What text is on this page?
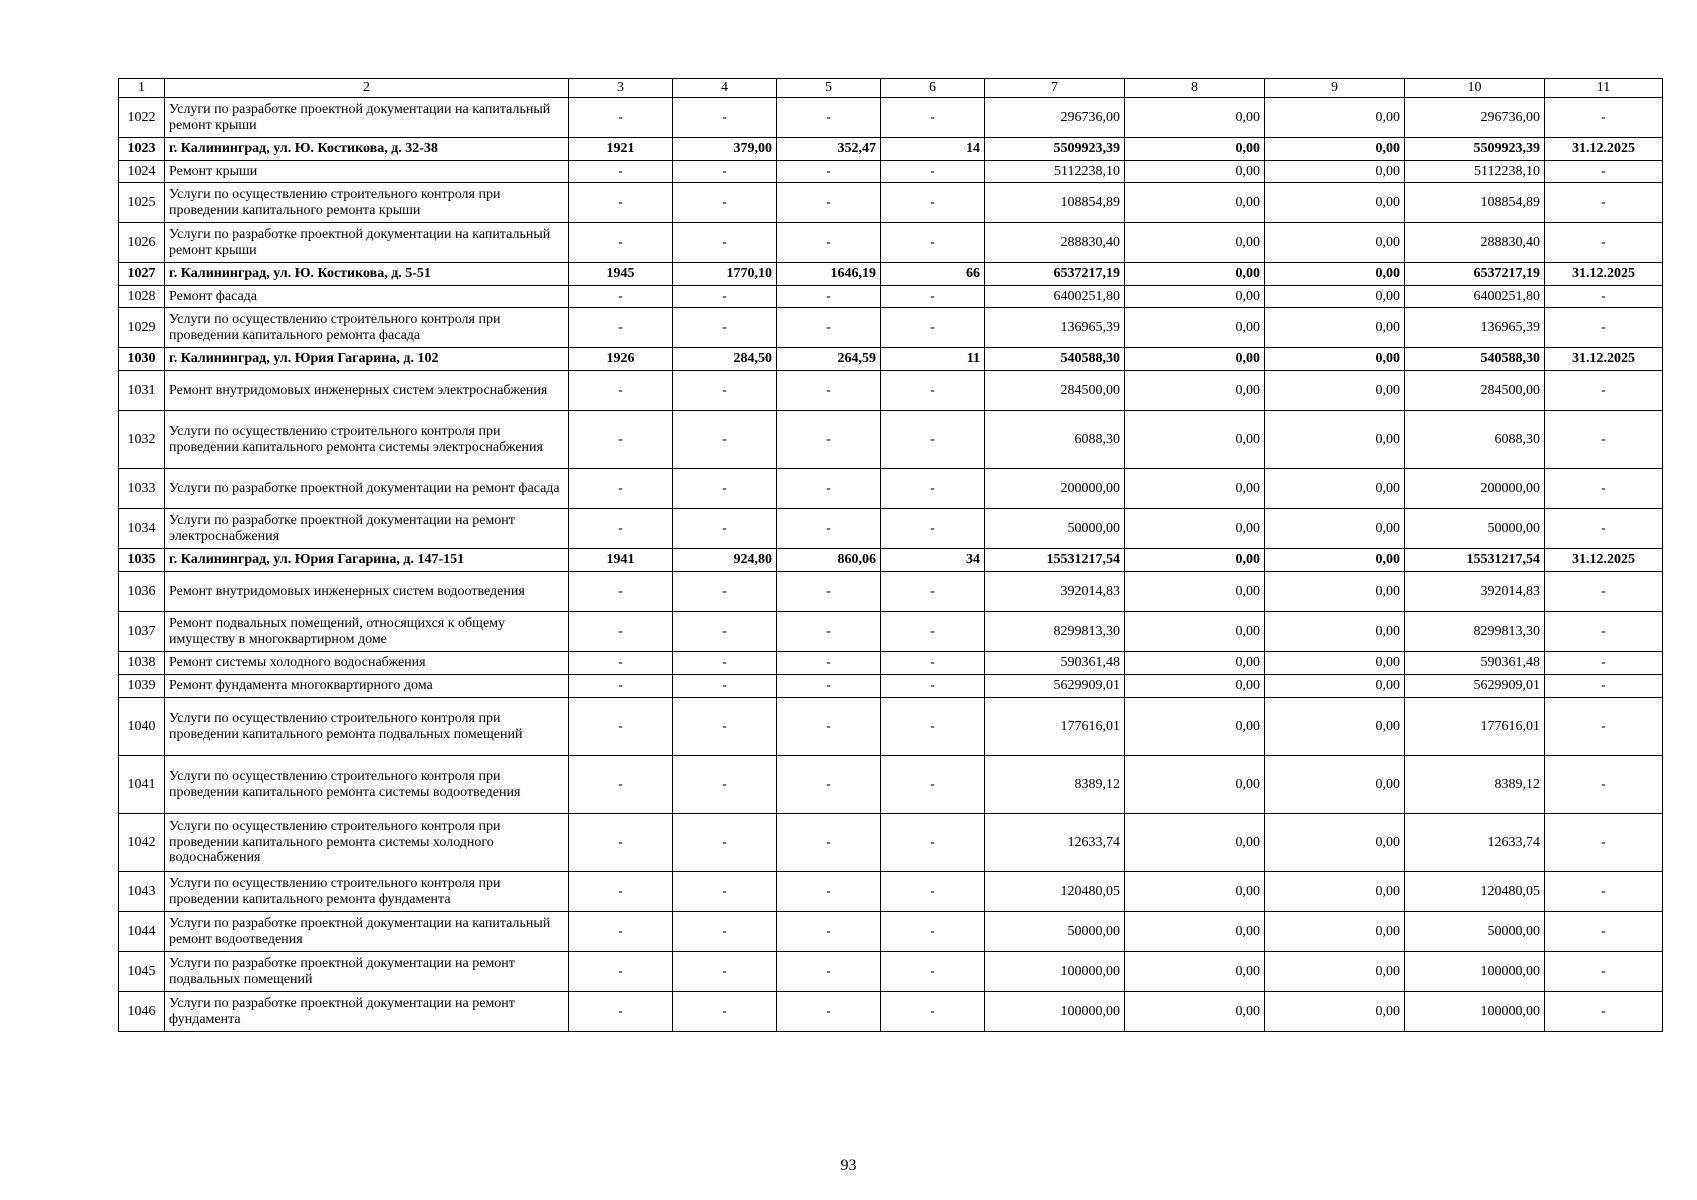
1	2	3	4	5	6	7	8	9	10	11
1022	Услуги по разработке проектной документации на капитальный ремонт крыши	-	-	-	-	296736,00	0,00	0,00	296736,00	-
1023	г. Калининград, ул. Ю. Костикова, д. 32-38	1921	379,00	352,47	14	5509923,39	0,00	0,00	5509923,39	31.12.2025
1024	Ремонт крыши	-	-	-	-	5112238,10	0,00	0,00	5112238,10	-
1025	Услуги по осуществлению строительного контроля при проведении капитального ремонта крыши	-	-	-	-	108854,89	0,00	0,00	108854,89	-
1026	Услуги по разработке проектной документации на капитальный ремонт крыши	-	-	-	-	288830,40	0,00	0,00	288830,40	-
1027	г. Калининград, ул. Ю. Костикова, д. 5-51	1945	1770,10	1646,19	66	6537217,19	0,00	0,00	6537217,19	31.12.2025
1028	Ремонт фасада	-	-	-	-	6400251,80	0,00	0,00	6400251,80	-
1029	Услуги по осуществлению строительного контроля при проведении капитального ремонта фасада	-	-	-	-	136965,39	0,00	0,00	136965,39	-
1030	г. Калининград, ул. Юрия Гагарина, д. 102	1926	284,50	264,59	11	540588,30	0,00	0,00	540588,30	31.12.2025
1031	Ремонт внутридомовых инженерных систем электроснабжения	-	-	-	-	284500,00	0,00	0,00	284500,00	-
1032	Услуги по осуществлению строительного контроля при проведении капитального ремонта системы электроснабжения	-	-	-	-	6088,30	0,00	0,00	6088,30	-
1033	Услуги по разработке проектной документации на ремонт фасада	-	-	-	-	200000,00	0,00	0,00	200000,00	-
1034	Услуги по разработке проектной документации на ремонт электроснабжения	-	-	-	-	50000,00	0,00	0,00	50000,00	-
1035	г. Калининград, ул. Юрия Гагарина, д. 147-151	1941	924,80	860,06	34	15531217,54	0,00	0,00	15531217,54	31.12.2025
1036	Ремонт внутридомовых инженерных систем водоотведения	-	-	-	-	392014,83	0,00	0,00	392014,83	-
1037	Ремонт подвальных помещений, относящихся к общему имуществу в многоквартирном доме	-	-	-	-	8299813,30	0,00	0,00	8299813,30	-
1038	Ремонт системы холодного водоснабжения	-	-	-	-	590361,48	0,00	0,00	590361,48	-
1039	Ремонт фундамента многоквартирного дома	-	-	-	-	5629909,01	0,00	0,00	5629909,01	-
1040	Услуги по осуществлению строительного контроля при проведении капитального ремонта подвальных помещений	-	-	-	-	177616,01	0,00	0,00	177616,01	-
1041	Услуги по осуществлению строительного контроля при проведении капитального ремонта системы водоотведения	-	-	-	-	8389,12	0,00	0,00	8389,12	-
1042	Услуги по осуществлению строительного контроля при проведении капитального ремонта системы холодного водоснабжения	-	-	-	-	12633,74	0,00	0,00	12633,74	-
1043	Услуги по осуществлению строительного контроля при проведении капитального ремонта фундамента	-	-	-	-	120480,05	0,00	0,00	120480,05	-
1044	Услуги по разработке проектной документации на капитальный ремонт водоотведения	-	-	-	-	50000,00	0,00	0,00	50000,00	-
1045	Услуги по разработке проектной документации на ремонт подвальных помещений	-	-	-	-	100000,00	0,00	0,00	100000,00	-
1046	Услуги по разработке проектной документации на ремонт фундамента	-	-	-	-	100000,00	0,00	0,00	100000,00	-
93
